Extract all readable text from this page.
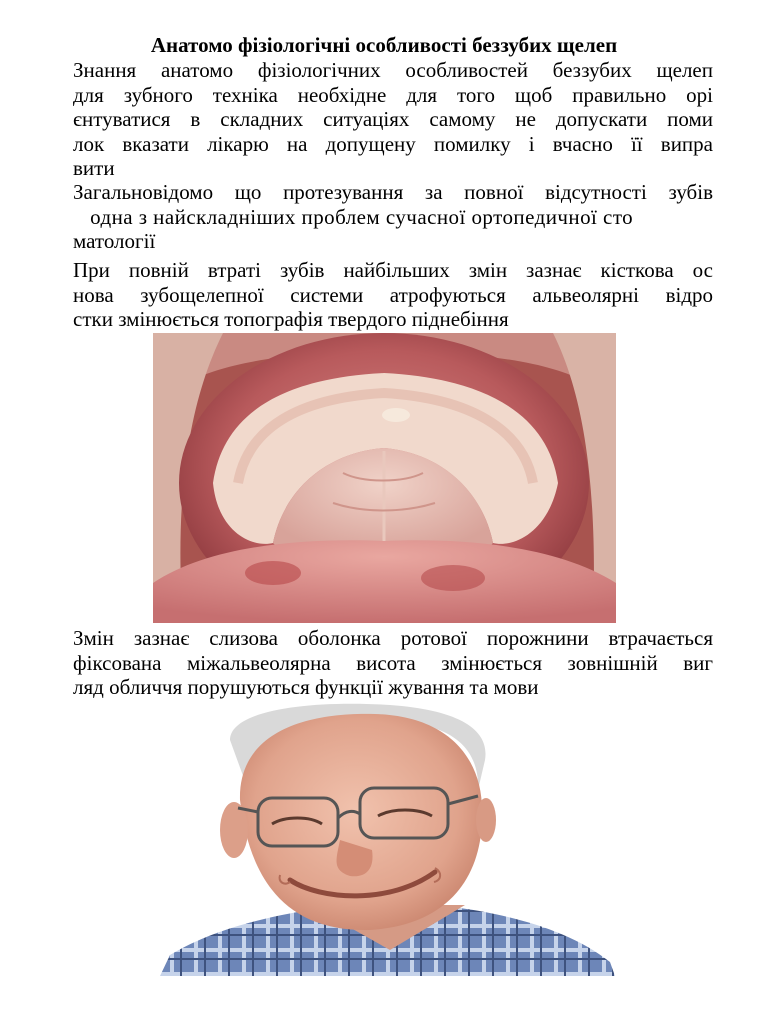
Анатомо фізіологічні особливості беззубих щелеп
Знання анатомо фізіологічних особливостей беззубих щелеп
для зубного техніка необхідне для того щоб правильно орі
єнтуватися в складних ситуаціях самому не допускати поми
лок вказати лікарю на допущену помилку і вчасно її випра
вити
Загальновідомо що протезування за повної відсутності зубів
одна з найскладніших проблем сучасної ортопедичної сто
матології
При повній втраті зубів найбільших змін зазнає кісткова ос
нова зубощелепної системи атрофуються альвеолярні відро
стки змінюється топографія твердого піднебіння
Змін зазнає слизова оболонка ротової порожнини втрачається
фіксована міжальвеолярна висота змінюється зовнішній виг
ляд обличчя порушуються функції жування та мови
